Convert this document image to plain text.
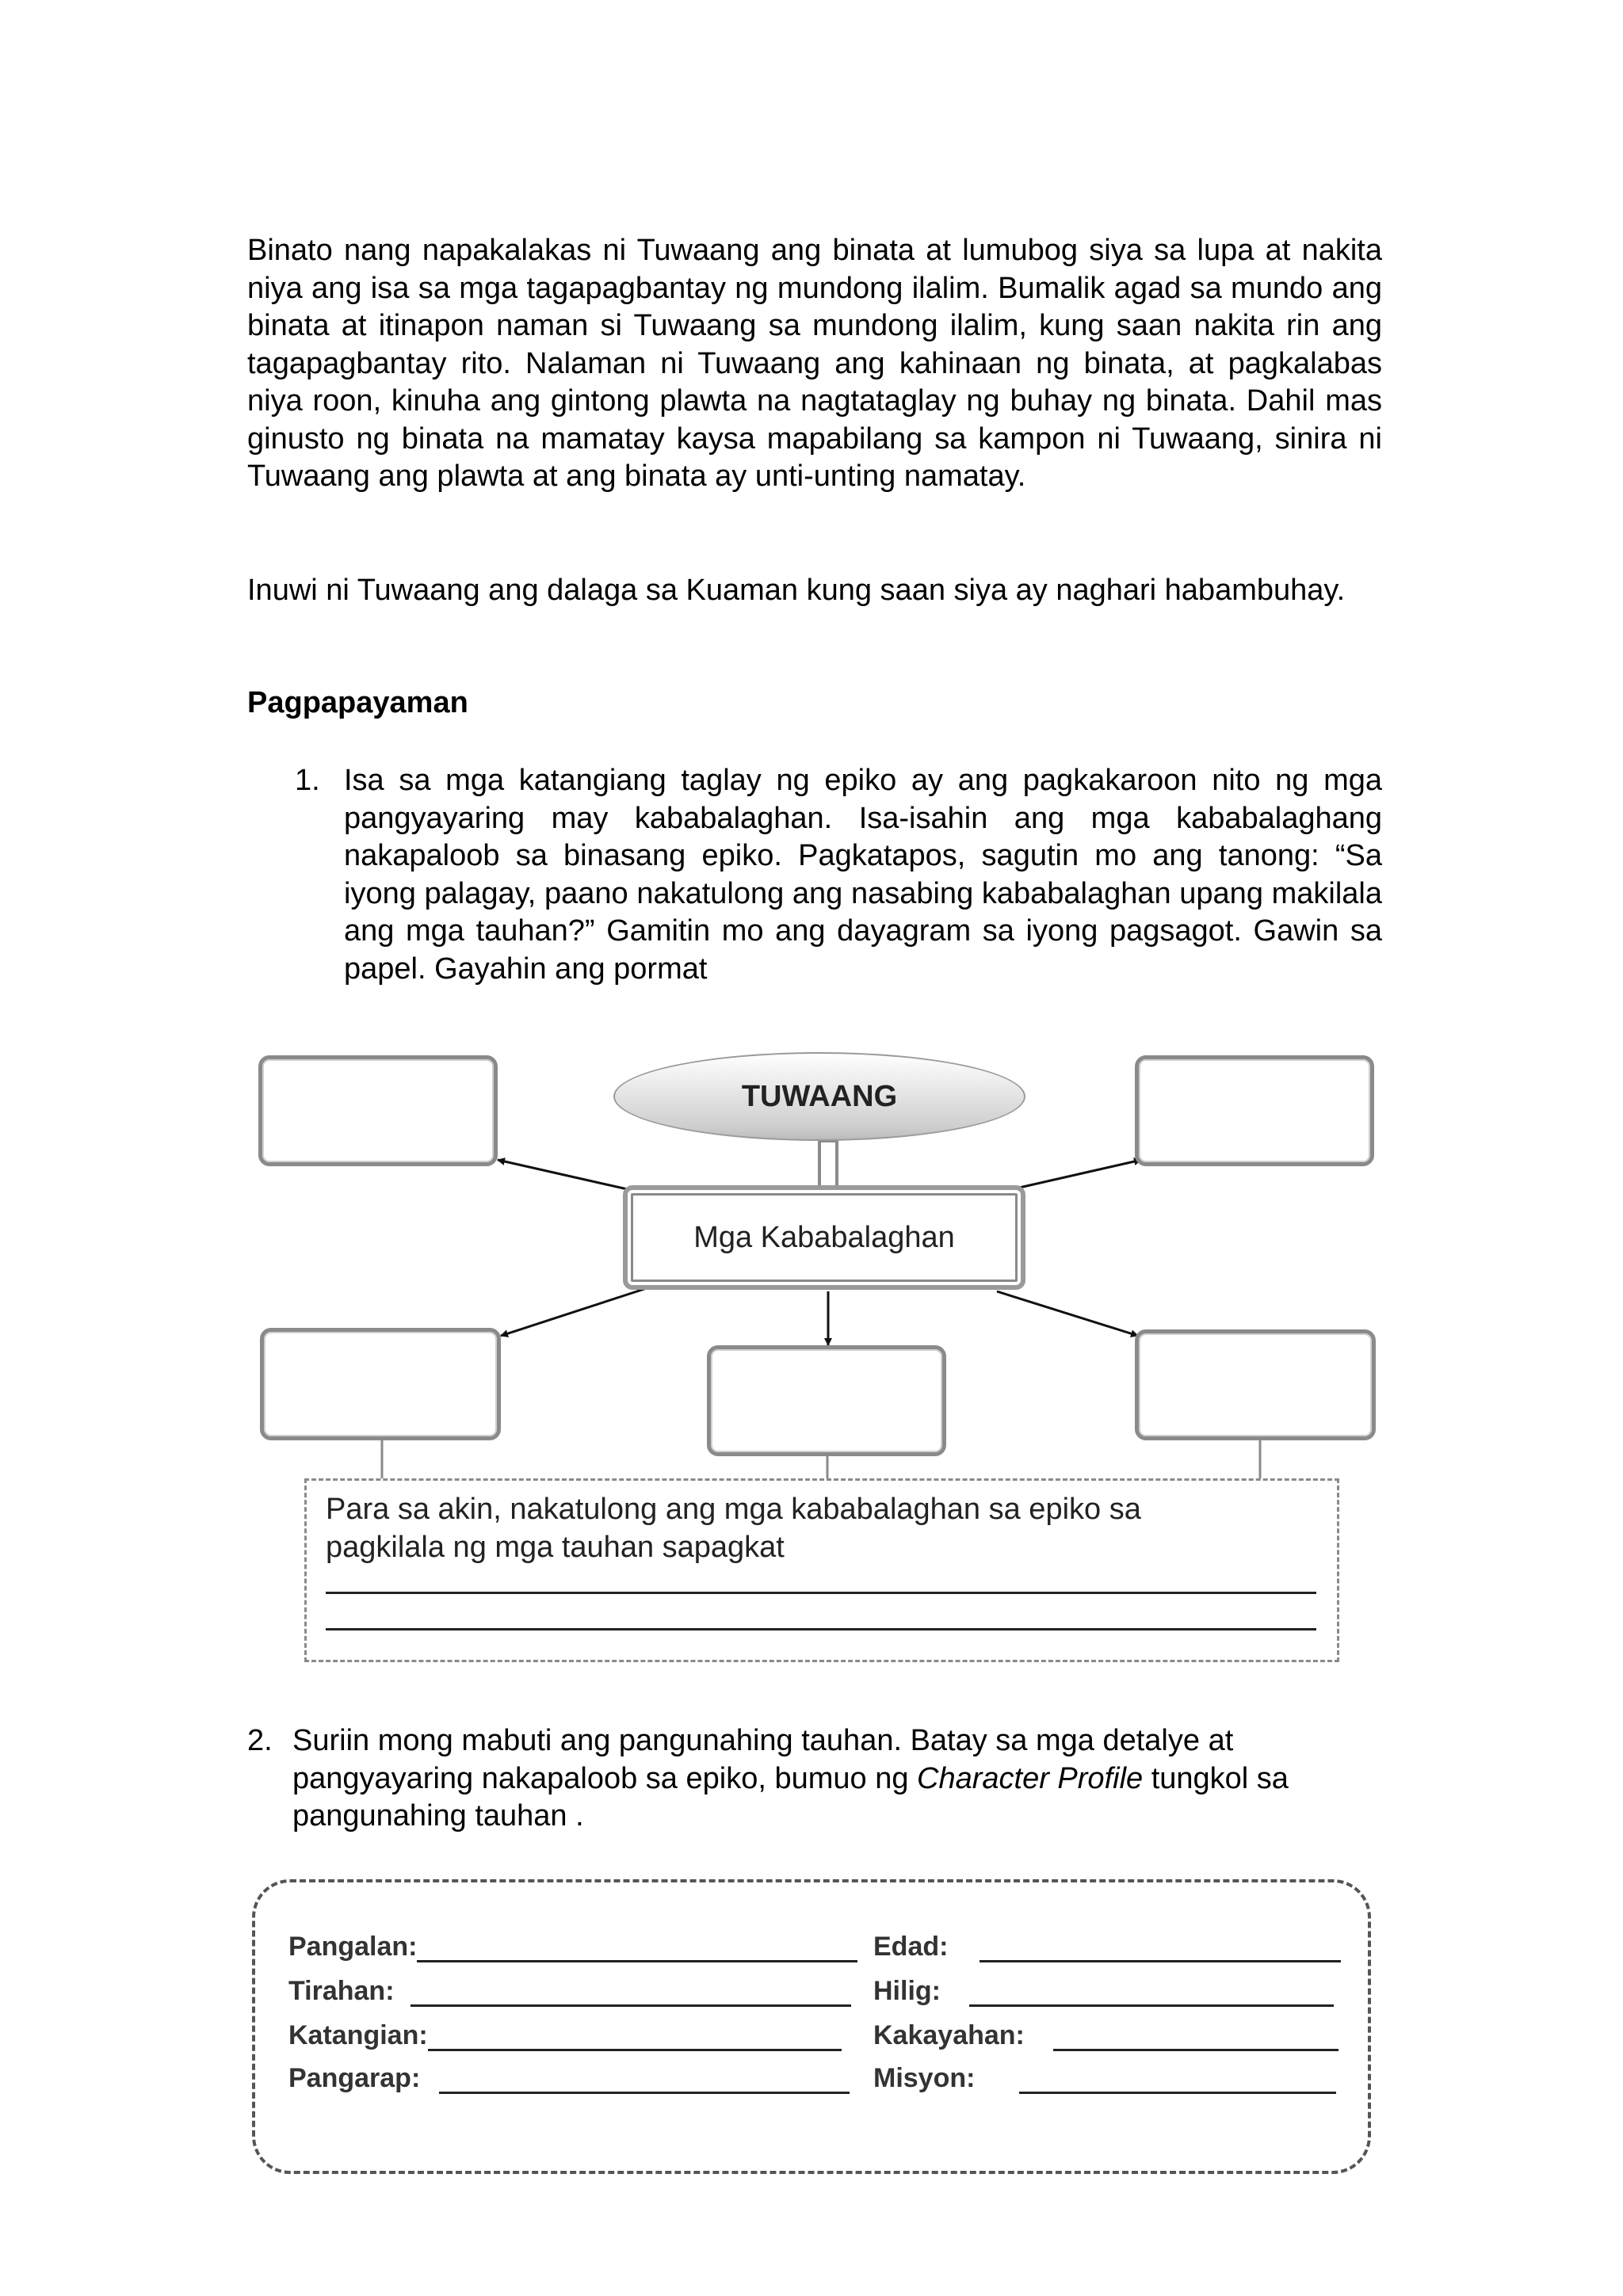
Binato nang napakalakas ni Tuwaang ang binata at lumubog siya sa lupa at nakita niya ang isa sa mga tagapagbantay ng mundong ilalim. Bumalik agad sa mundo ang binata at itinapon naman si Tuwaang sa mundong ilalim, kung saan nakita rin ang tagapagbantay rito. Nalaman ni Tuwaang ang kahinaan ng binata, at pagkalabas niya roon, kinuha ang gintong plawta na nagtataglay ng buhay ng binata. Dahil mas ginusto ng binata na mamatay kaysa mapabilang sa kampon ni Tuwaang, sinira ni Tuwaang ang plawta at ang binata ay unti-unting namatay.

Inuwi ni Tuwaang ang dalaga sa Kuaman kung saan siya ay naghari habambuhay.

Pagpapayaman

1. Isa sa mga katangiang taglay ng epiko ay ang pagkakaroon nito ng mga pangyayaring may kababalaghan. Isa-isahin ang mga kababalaghang nakapaloob sa binasang epiko. Pagkatapos, sagutin mo ang tanong: “Sa iyong palagay, paano nakatulong ang nasabing kababalaghan upang makilala ang mga tauhan?” Gamitin mo ang dayagram sa iyong pagsagot. Gawin sa papel. Gayahin ang pormat

TUWAANG
Mga Kababalaghan
Para sa akin, nakatulong ang mga kababalaghan sa epiko sa
pagkilala ng mga tauhan sapagkat
2. Suriin mong mabuti ang pangunahing tauhan. Batay sa mga detalye at pangyayaring nakapaloob sa epiko, bumuo ng Character Profile tungkol sa pangunahing tauhan .

Pangalan:
Tirahan:
Katangian:
Pangarap:
Edad:
Hilig:
Kakayahan:
Misyon:
